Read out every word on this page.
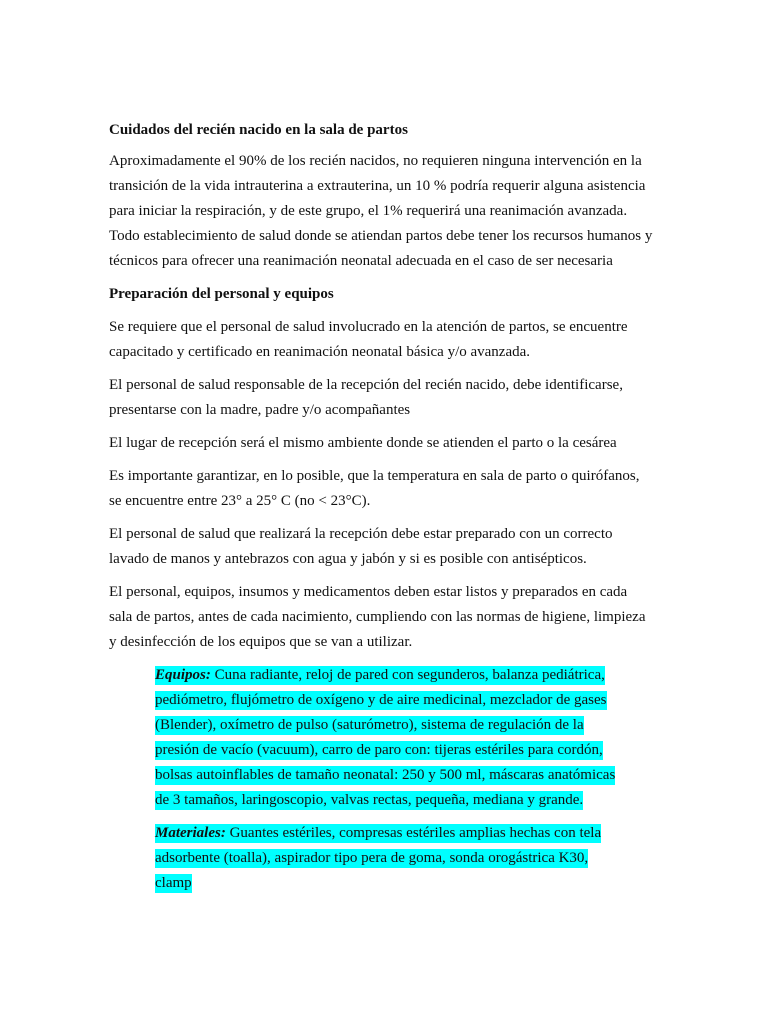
Cuidados del recién nacido en la sala de partos

Aproximadamente el 90% de los recién nacidos, no requieren ninguna intervención en la transición de la vida intrauterina a extrauterina, un 10 % podría requerir alguna asistencia para iniciar la respiración, y de este grupo, el 1% requerirá una reanimación avanzada. Todo establecimiento de salud donde se atiendan partos debe tener los recursos humanos y técnicos para ofrecer una reanimación neonatal adecuada en el caso de ser necesaria

Preparación del personal y equipos

Se requiere que el personal de salud involucrado en la atención de partos, se encuentre capacitado y certificado en reanimación neonatal básica y/o avanzada.

El personal de salud responsable de la recepción del recién nacido, debe identificarse, presentarse con la madre, padre y/o acompañantes

El lugar de recepción será el mismo ambiente donde se atienden el parto o la cesárea

Es importante garantizar, en lo posible, que la temperatura en sala de parto o quirófanos, se encuentre entre 23° a 25° C (no < 23°C).

El personal de salud que realizará la recepción debe estar preparado con un correcto lavado de manos y antebrazos con agua y jabón y si es posible con antisépticos.

El personal, equipos, insumos y medicamentos deben estar listos y preparados en cada sala de partos, antes de cada nacimiento, cumpliendo con las normas de higiene, limpieza y desinfección de los equipos que se van a utilizar.

Equipos: Cuna radiante, reloj de pared con segunderos, balanza pediátrica, pediómetro, flujómetro de oxígeno y de aire medicinal, mezclador de gases (Blender), oxímetro de pulso (saturómetro), sistema de regulación de la presión de vacío (vacuum), carro de paro con: tijeras estériles para cordón, bolsas autoinflables de tamaño neonatal: 250 y 500 ml, máscaras anatómicas de 3 tamaños, laringoscopio, valvas rectas, pequeña, mediana y grande.

Materiales: Guantes estériles, compresas estériles amplias hechas con tela adsorbente (toalla), aspirador tipo pera de goma, sonda orogástrica K30, clamp
